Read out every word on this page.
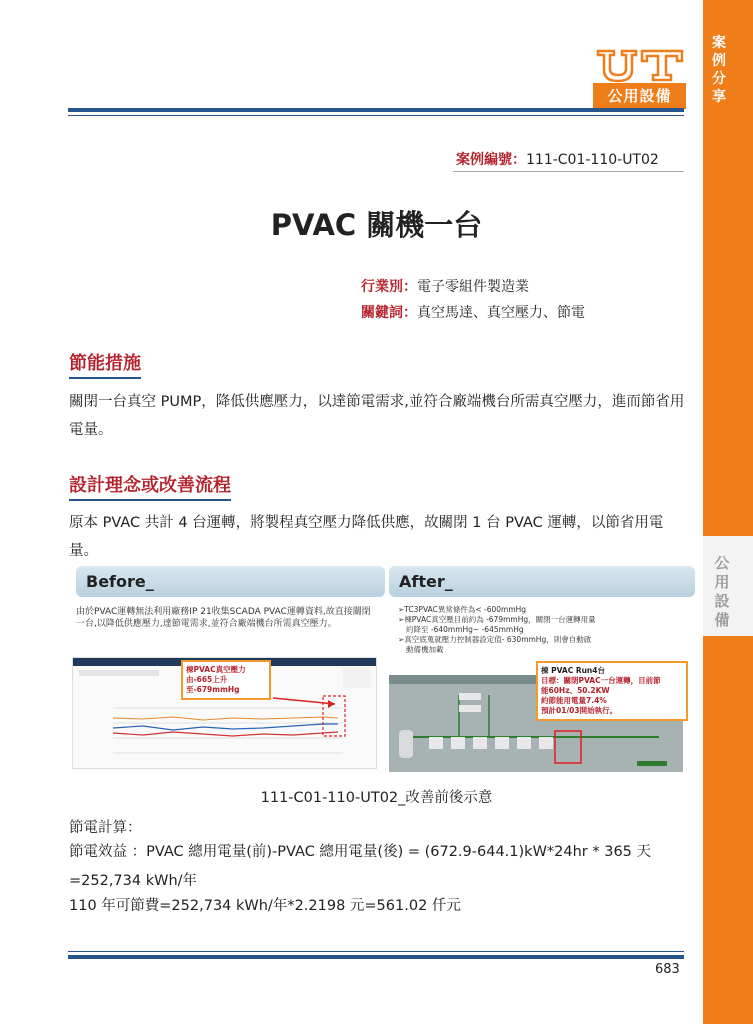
案例分享
公用設備
公用設備
案例編號：111-C01-110-UT02
PVAC 關機一台
行業別：電子零組件製造業
關鍵詞：真空馬達、真空壓力、節電
節能措施
關閉一台真空 PUMP，降低供應壓力，以達節電需求,並符合廠端機台所需真空壓力，進而節省用電量。
設計理念或改善流程
原本 PVAC 共計 4 台運轉，將製程真空壓力降低供應，故關閉 1 台 PVAC 運轉，以節省用電量。
Before_	After_
由於PVAC運轉無法利用廠務IP 21收集SCADA PVAC運轉資料,故直接關閉一台,以降低供應壓力,達節電需求,並符合廠端機台所需真空壓力。
➢TC3PVAC異常條件為< -600mmHg
➢棟PVAC真空壓目前約為 -679mmHg，關閉一台運轉用量
約降至 -640mmHg~ -645mmHg
➢真空底蒐就壓力控制器設定值- 630mmHg，則會自動啟
動備機加載
棟PVAC真空壓力由-665上升至-679mmHg
棟 PVAC Run4台
目標：關閉PVAC一台運轉，目前節
能60Hz、50.2KW
約節能用電量7.4%
預計01/03開始執行。
111-C01-110-UT02_改善前後示意
節電計算：
節電效益 ：PVAC 總用電量(前)-PVAC 總用電量(後) = (672.9-644.1)kW*24hr * 365 天=252,734 kWh/年
110 年可節費=252,734 kWh/年*2.2198 元=561.02 仟元
683
